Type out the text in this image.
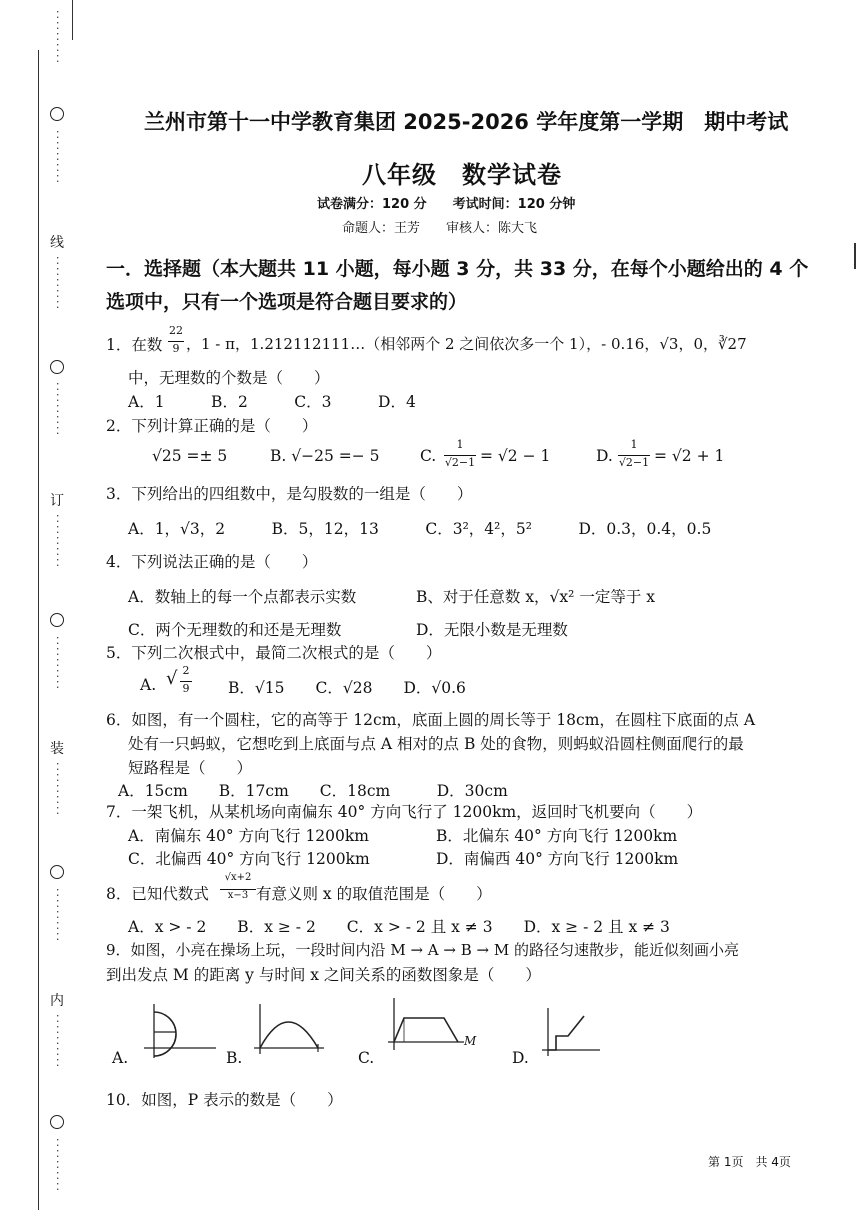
··········
··········
线
··········
··········
订
··········
··········
装
··········
··········
内
··········
··········
兰州市第十一中学教育集团 2025-2026 学年度第一学期　期中考试
八年级　数学试卷
试卷满分：120 分　　考试时间：120 分钟
命题人：王芳　　审核人：陈大飞
一．选择题（本大题共 11 小题，每小题 3 分，共 33 分，在每个小题给出的 4 个
选项中，只有一个选项是符合题目要求的）
1．在数
22
9 ，1 - π，1.212112111…（相邻两个 2 之间依次多一个 1），- 0.16，√3，0，∛27
中，无理数的个数是（　　）
A．1　　　B．2　　　C．3　　　D．4
2．下列计算正确的是（　　）
√25 =± 5	B. √−25 =− 5	C.
1
√2−1 = √2 − 1	D.
1
√2−1 = √2 + 1
3．下列给出的四组数中，是勾股数的一组是（　　）
A．1，√3，2　　　B．5，12，13　　　C．3²，4²，5²　　　D．0.3，0.4，0.5
4．下列说法正确的是（　　）
A．数轴上的每一个点都表示实数	B、对于任意数 x，√x² 一定等于 x
C．两个无理数的和还是无理数	D．无限小数是无理数
5．下列二次根式中，最简二次根式的是（　　）
A. √ 2
9 B．√15　　C．√28　　D．√0.6
6．如图，有一个圆柱，它的高等于 12cm，底面上圆的周长等于 18cm，在圆柱下底面的点 A
处有一只蚂蚁，它想吃到上底面与点 A 相对的点 B 处的食物，则蚂蚁沿圆柱侧面爬行的最
短路程是（　　）
A．15cm　　B．17cm　　C．18cm　　　D．30cm
7．一架飞机，从某机场向南偏东 40° 方向飞行了 1200km，返回时飞机要向（　　）
A．南偏东 40° 方向飞行 1200km	B．北偏东 40° 方向飞行 1200km
C．北偏西 40° 方向飞行 1200km	D．南偏西 40° 方向飞行 1200km
8．已知代数式
√x+2
x−3 有意义则 x 的取值范围是（　　）
A．x > - 2　　B．x ≥ - 2　　C．x > - 2 且 x ≠ 3　　D．x ≥ - 2 且 x ≠ 3
9．如图，小亮在操场上玩，一段时间内沿 M → A → B → M 的路径匀速散步，能近似刻画小亮
到出发点 M 的距离 y 与时间 x 之间关系的函数图象是（　　）
A.	B.	C.
M
D.
10．如图，P 表示的数是（　　）
第 1页　共 4页
